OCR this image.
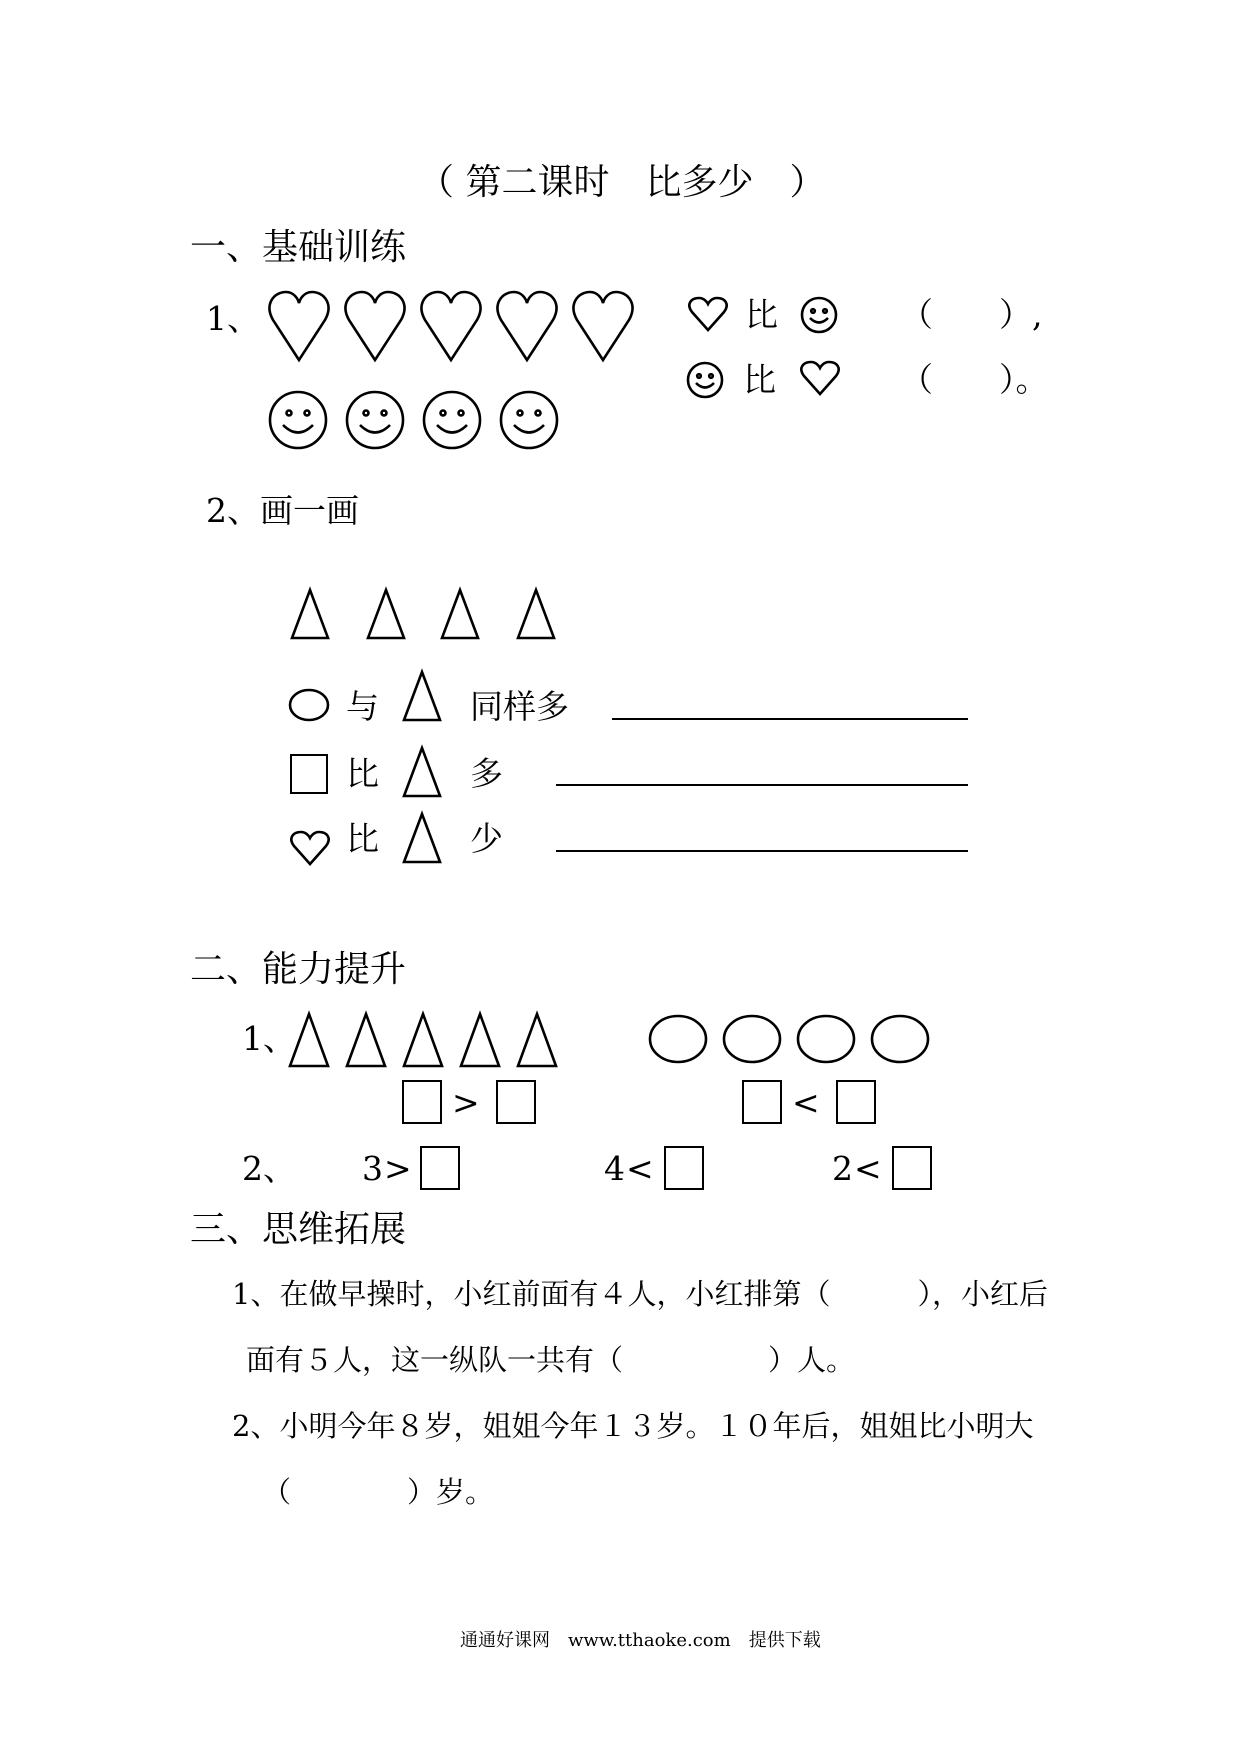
（ 第二课时　比多少　）
一、基础训练
1、	比	（　　）,
比	（　　）。
2、画一画
与	同样多
比	多
比	少
二、能力提升
1、
>	<
2、 3 >	4 <	2 <
三、思维拓展
1、在做早操时，小红前面有４人，小红排第（　　　），小红后
面有５人，这一纵队一共有（　　　　　）人。
2、小明今年８岁，姐姐今年１３岁。１０年后，姐姐比小明大
（　　　　）岁。
通通好课网　www.tthaoke.com　提供下载
